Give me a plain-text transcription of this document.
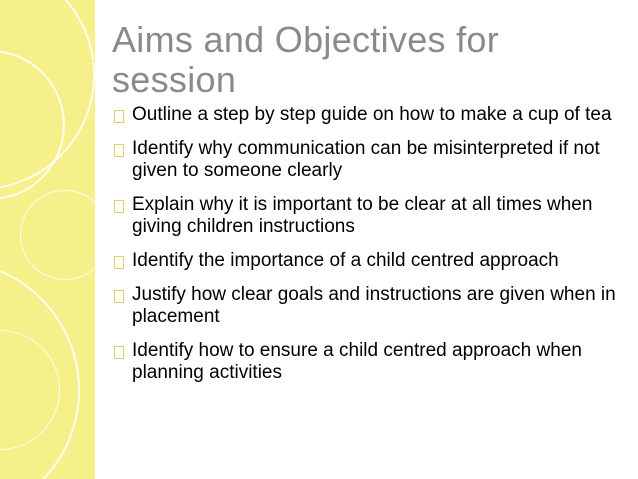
Aims and Objectives for session
Outline a step by step guide on how to make a cup of tea
Identify why communication can be misinterpreted if not given to someone clearly
Explain why it is important to be clear at all times when giving children instructions
Identify the importance of a child centred approach
Justify how clear goals and instructions are given when in placement
Identify how to ensure a child centred approach when planning activities
